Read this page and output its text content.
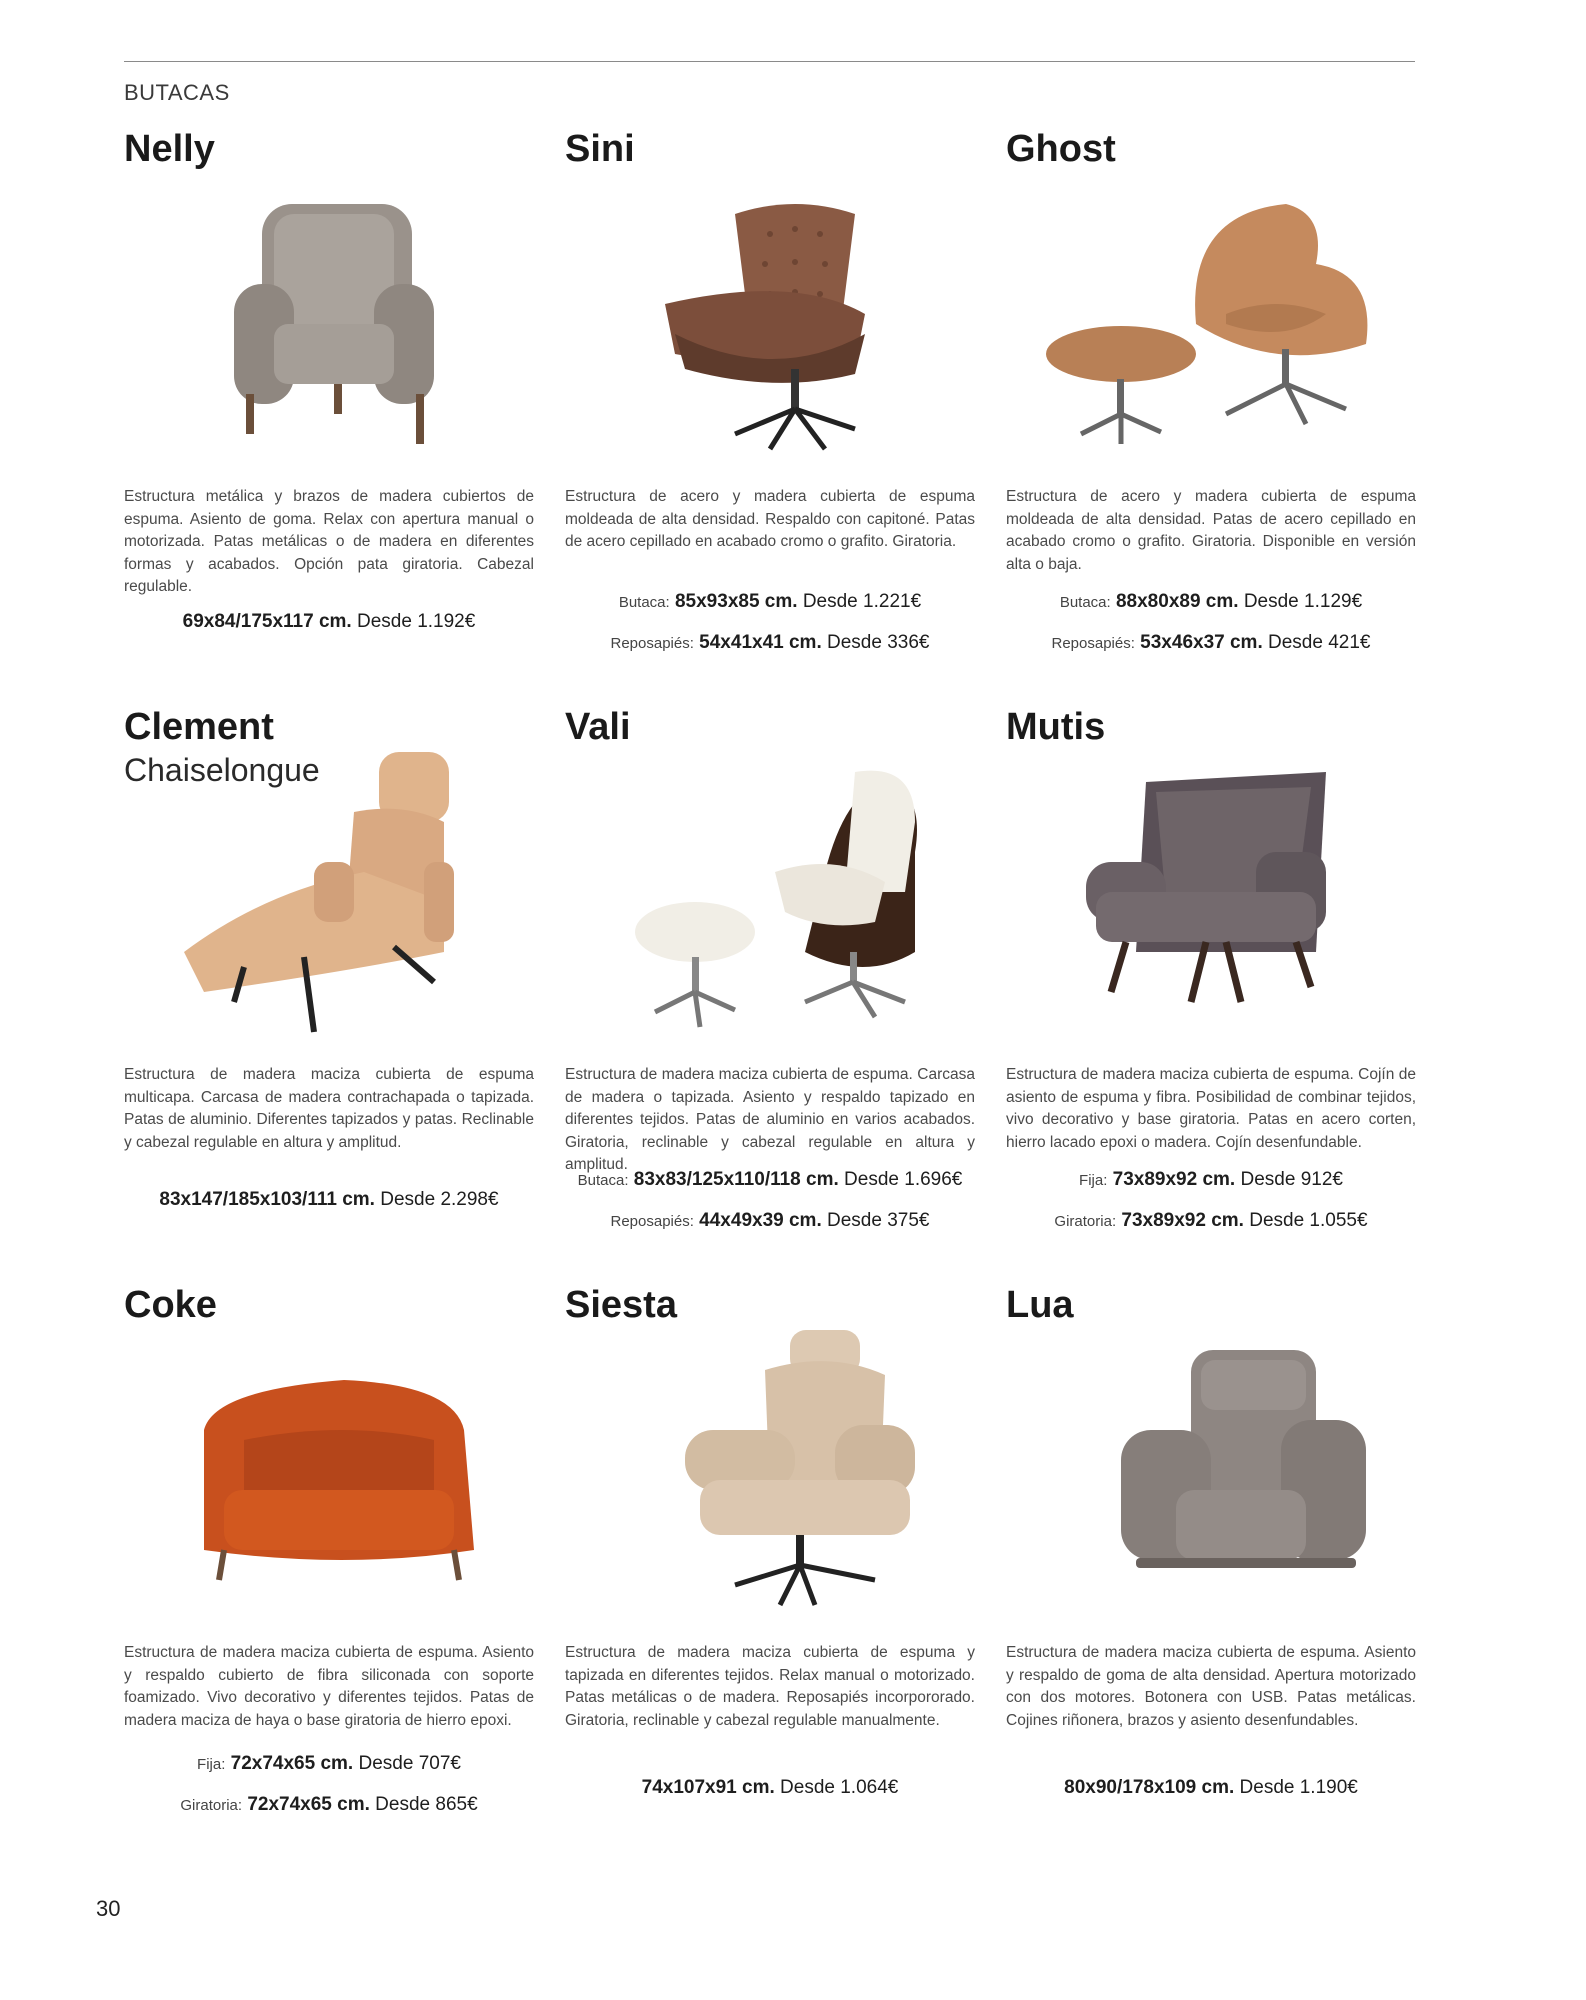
BUTACAS
Nelly
Estructura metálica y brazos de madera cubiertos de espuma. Asiento de goma. Relax con apertura manual o motorizada. Patas metálicas o de madera en diferentes formas y acabados. Opción pata giratoria. Cabezal regulable.
69x84/175x117 cm. Desde 1.192€
Sini
Estructura de acero y madera cubierta de espuma moldeada de alta densidad. Respaldo con capitoné. Patas de acero cepillado en acabado cromo o grafito. Giratoria.
Butaca: 85x93x85 cm. Desde 1.221€
Reposapiés: 54x41x41 cm. Desde 336€
Ghost
Estructura de acero y madera cubierta de espuma moldeada de alta densidad. Patas de acero cepillado en acabado cromo o grafito. Giratoria. Disponible en versión alta o baja.
Butaca: 88x80x89 cm. Desde 1.129€
Reposapiés: 53x46x37 cm. Desde 421€
Clement
Chaiselongue
Estructura de madera maciza cubierta de espuma multicapa. Carcasa de madera contrachapada o tapizada. Patas de aluminio. Diferentes tapizados y patas. Reclinable y cabezal regulable en altura y amplitud.
83x147/185x103/111 cm. Desde 2.298€
Vali
Estructura de madera maciza cubierta de espuma. Carcasa de madera o tapizada. Asiento y respaldo tapizado en diferentes tejidos. Patas de aluminio en varios acabados. Giratoria, reclinable y cabezal regulable en altura y amplitud.
Butaca: 83x83/125x110/118 cm. Desde 1.696€
Reposapiés: 44x49x39 cm. Desde 375€
Mutis
Estructura de madera maciza cubierta de espuma. Cojín de asiento de espuma y fibra. Posibilidad de combinar tejidos, vivo decorativo y base giratoria. Patas en acero corten, hierro lacado epoxi o madera. Cojín desenfundable.
Fija: 73x89x92 cm. Desde 912€
Giratoria: 73x89x92 cm. Desde 1.055€
Coke
Estructura de madera maciza cubierta de espuma. Asiento y respaldo cubierto de fibra siliconada con soporte foamizado. Vivo decorativo y diferentes tejidos. Patas de madera maciza de haya o base giratoria de hierro epoxi.
Fija: 72x74x65 cm. Desde 707€
Giratoria: 72x74x65 cm. Desde 865€
Siesta
Estructura de madera maciza cubierta de espuma y tapizada en diferentes tejidos. Relax manual o motorizado. Patas metálicas o de madera. Reposapiés incorpororado. Giratoria, reclinable y cabezal regulable manualmente.
74x107x91 cm. Desde 1.064€
Lua
Estructura de madera maciza cubierta de espuma. Asiento y respaldo de goma de alta densidad. Apertura motorizado con dos motores. Botonera con USB. Patas metálicas. Cojines riñonera, brazos y asiento desenfundables.
80x90/178x109 cm. Desde 1.190€
30
